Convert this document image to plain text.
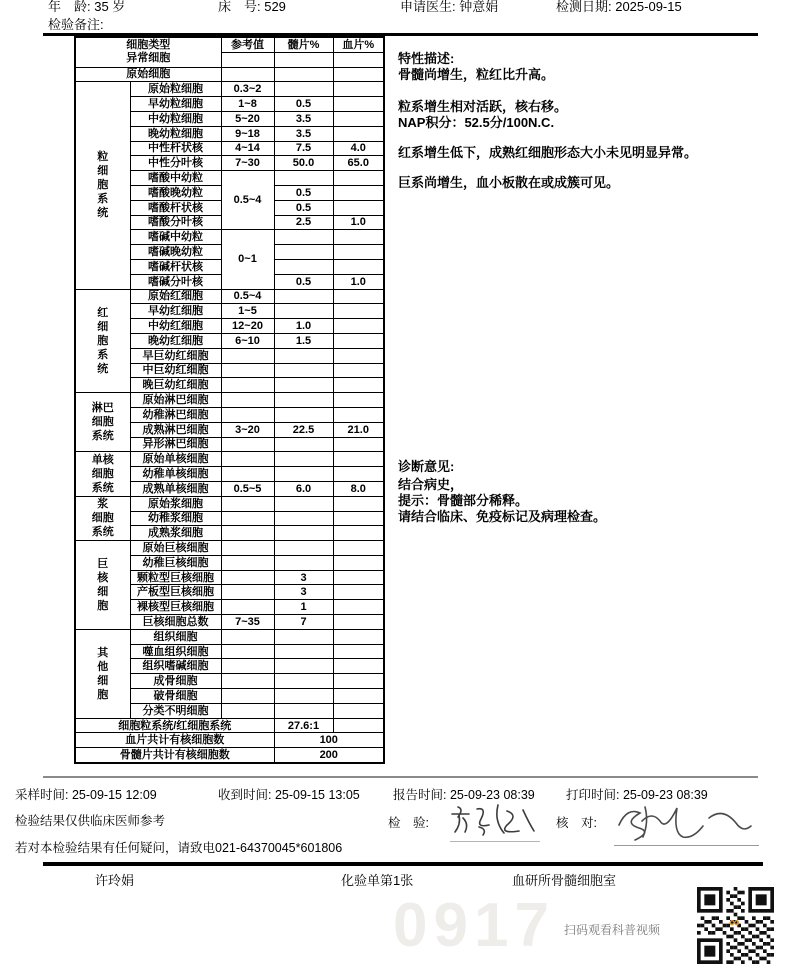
年　龄: 35 岁	床　号: 529	申请医生: 钟意娟	检测日期: 2025-09-15
检验备注:
细胞类型
异常细胞		参考值	髓片%	血片%

原始细胞				
粒
细
胞
系
统	原始粒细胞	0.3~2		
	早幼粒细胞	1~8	0.5	
	中幼粒细胞	5~20	3.5	
	晚幼粒细胞	9~18	3.5	
	中性杆状核	4~14	7.5	4.0
	中性分叶核	7~30	50.0	65.0
	嗜酸中幼粒	0.5~4		
	嗜酸晚幼粒		0.5	
	嗜酸杆状核		0.5	
	嗜酸分叶核		2.5	1.0
	嗜碱中幼粒	0~1		
	嗜碱晚幼粒			
	嗜碱杆状核			
	嗜碱分叶核		0.5	1.0
红
细
胞
系
统	原始红细胞	0.5~4		
	早幼红细胞	1~5		
	中幼红细胞	12~20	1.0	
	晚幼红细胞	6~10	1.5	
	早巨幼红细胞			
	中巨幼红细胞			
	晚巨幼红细胞			
淋巴
细胞
系统	原始淋巴细胞			
	幼稚淋巴细胞			
	成熟淋巴细胞	3~20	22.5	21.0
	异形淋巴细胞			
单核
细胞
系统	原始单核细胞			
	幼稚单核细胞			
	成熟单核细胞	0.5~5	6.0	8.0
浆
细胞
系统	原始浆细胞			
	幼稚浆细胞			
	成熟浆细胞			
巨
核
细
胞	原始巨核细胞			
	幼稚巨核细胞			
	颗粒型巨核细胞		3	
	产板型巨核细胞		3	
	裸核型巨核细胞		1	
	巨核细胞总数	7~35	7	
其
他
细
胞	组织细胞			
	噬血组织细胞			
	组织嗜碱细胞			
	成骨细胞			
	破骨细胞			
	分类不明细胞			
细胞粒系统/红细胞系统			27.6:1	
血片共计有核细胞数			100	
骨髓片共计有核细胞数			200	
特性描述:
骨髓尚增生，粒红比升高。
粒系增生相对活跃，核右移。
NAP积分：52.5分/100N.C.
红系增生低下，成熟红细胞形态大小未见明显异常。
巨系尚增生，血小板散在或成簇可见。
诊断意见:
结合病史，
提示：骨髓部分稀释。
请结合临床、免疫标记及病理检查。
采样时间: 25-09-15 12:09	收到时间: 25-09-15 13:05	报告时间: 25-09-23 08:39	打印时间: 25-09-23 08:39
检验结果仅供临床医师参考	检　验:	核　对:
若对本检验结果有任何疑问，请致电021-64370045*601806
许玲娟	化验单第1张	血研所骨髓细胞室
0917 扫码观看科普视频	∞
